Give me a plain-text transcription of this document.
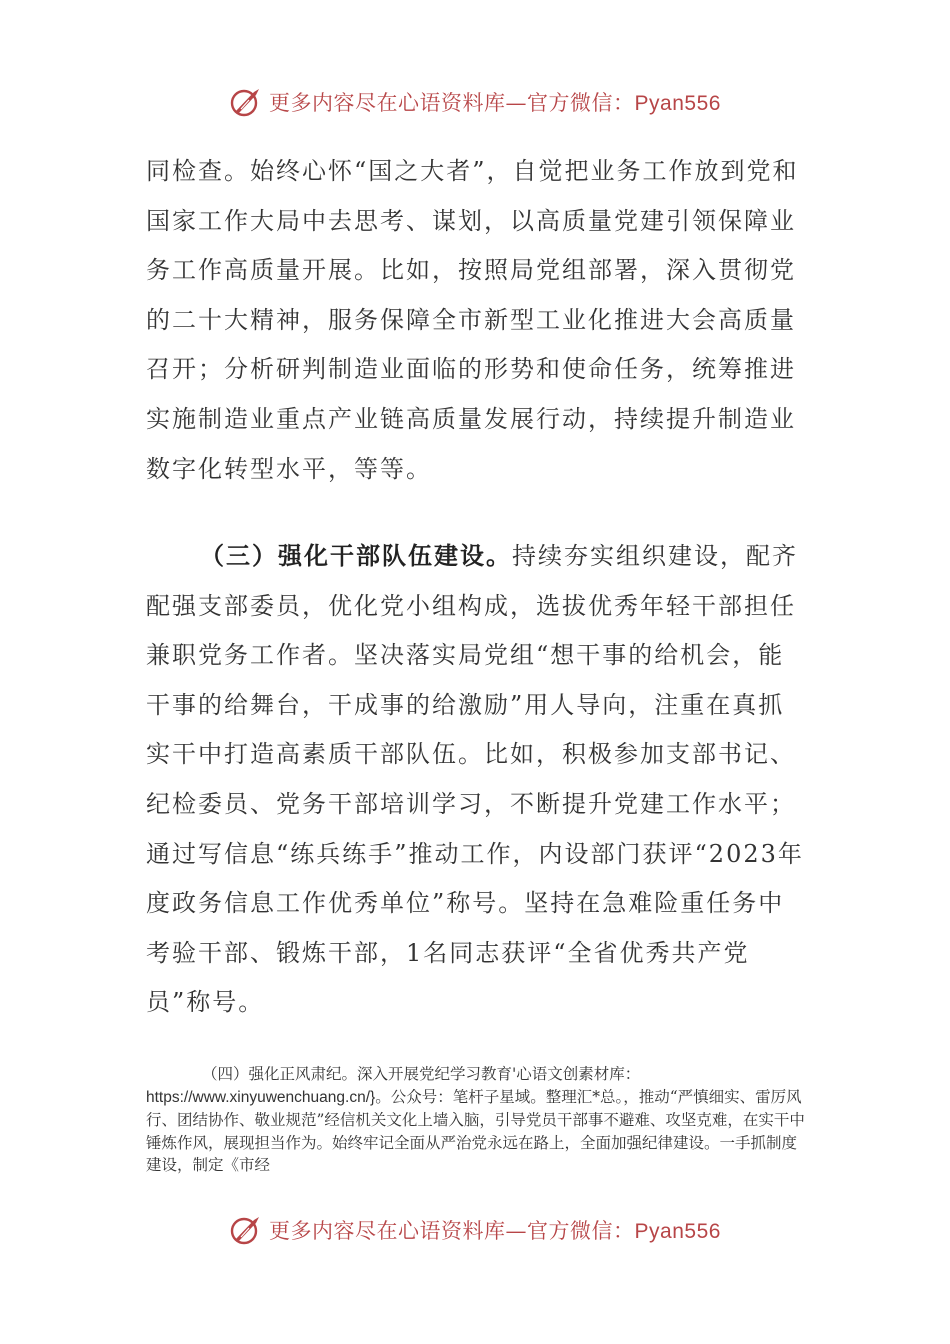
更多内容尽在心语资料库—官方微信：Pyan556
同检查。始终心怀“国之大者”，自觉把业务工作放到党和国家工作大局中去思考、谋划，以高质量党建引领保障业务工作高质量开展。比如，按照局党组部署，深入贯彻党的二十大精神，服务保障全市新型工业化推进大会高质量召开；分析研判制造业面临的形势和使命任务，统筹推进实施制造业重点产业链高质量发展行动，持续提升制造业数字化转型水平，等等。
（三）强化干部队伍建设。持续夯实组织建设，配齐配强支部委员，优化党小组构成，选拔优秀年轻干部担任兼职党务工作者。坚决落实局党组“想干事的给机会，能干事的给舞台，干成事的给激励”用人导向，注重在真抓实干中打造高素质干部队伍。比如，积极参加支部书记、纪检委员、党务干部培训学习，不断提升党建工作水平；通过写信息“练兵练手”推动工作，内设部门获评“2023年度政务信息工作优秀单位”称号。坚持在急难险重任务中考验干部、锻炼干部，1名同志获评“全省优秀共产党员”称号。
（四）强化正风肃纪。深入开展党纪学习教育'心语文创素材库：https://www.xinyuwenchuang.cn/}。公众号：笔杆子星域。整理汇*总。，推动“严慎细实、雷厉风行、团结协作、敬业规范”经信机关文化上墙入脑，引导党员干部事不避难、攻坚克难，在实干中锤炼作风，展现担当作为。始终牢记全面从严治党永远在路上，全面加强纪律建设。一手抓制度建设，制定《市经
更多内容尽在心语资料库—官方微信：Pyan556
